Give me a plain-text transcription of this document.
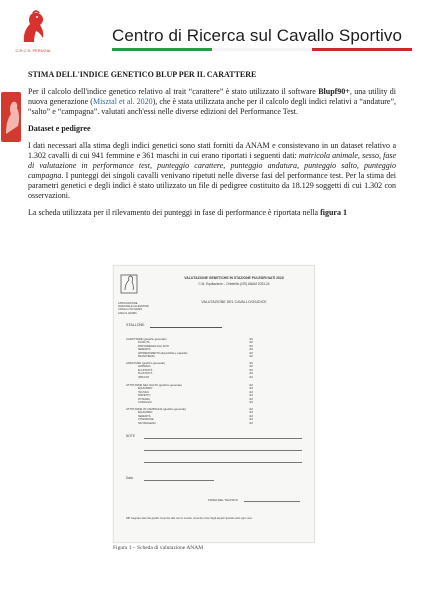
C.R.C.S. PERUGIA
Centro di Ricerca sul Cavallo Sportivo
STIMA DELL'INDICE GENETICO BLUP PER IL CARATTERE

Per il calcolo dell'indice genetico relativo al trait “carattere” è stato utilizzato il software Blupf90+, una utility di nuova generazione (Misztal et al. 2020), che è stata utilizzata anche per il calcolo degli indici relativi a “andature”, “salto” e “campagna”. valutati anch'essi nelle diverse edizioni del Performance Test.

Dataset e pedigree

I dati necessari alla stima degli indici genetici sono stati forniti da ANAM e consistevano in un dataset relativo a 1.302 cavalli di cui 941 femmine e 361 maschi in cui erano riportati i seguenti dati: matricola animale, sesso, fase di valutazione in performance test, punteggio carattere, punteggio andatura, punteggio salto, punteggio campagna. I punteggi dei singoli cavalli venivano ripetuti nelle diverse fasi del performance test. Per la stima dei parametri genetici e degli indici è stato utilizzato un file di pedigree costituito da 18.129 soggetti di cui 1.302 con osservazioni.

La scheda utilizzata per il rilevamento dei punteggi in fase di performance è riportata nella figura 1

ASSOCIAZIONE NAZIONALE ALLEVATORI CAVALLO DI RAZZA ANGLO-ARABA
VALUTAZIONE GENETICHE IN STAZIONE PULEDRI NATI 2020
C.M. Equitazione – Orbetello (GR) ANAM 2023-24
VALUTAZIONE DEL CAVALLO/GIUDICE
STALLONE
CARATTERE (giudizio generale)	/10
DOCILITÀ	/10
RISPONDENZA AGLI AIUTI	/10
SERENITÀ	/10
APPRENDIMENTO (disponibilità e capacità)	/10
FRANCHEZZA	/10
ANDATURE (giudizio generale)	/10
AMPIEZZA	/10
ELASTICITÀ	/10
PLASTICITÀ	/10
IMPULSO	/10
ATTITUDINE NEL SALTO (giudizio generale)	/10
EQUILIBRIO	/10
TECNICA	/10
RISPETTO	/10
POTENZA	/10
CORAGGIO	/10
ATTITUDINE IN CAMPAGNA (giudizio generale)	/10
EQUILIBRIO	/10
SERENITÀ	/10
ATTENZIONE	/10
NATURALEZZA	/10
NOTE
Data
FIRMA DEL TECNICO
NB: Segnare dare dei giudizi compresi alle voci in neretto, tenendo conto degli aspetti riportati sotto ogni voce.
Figura 1 – Scheda di valutazione ANAM
